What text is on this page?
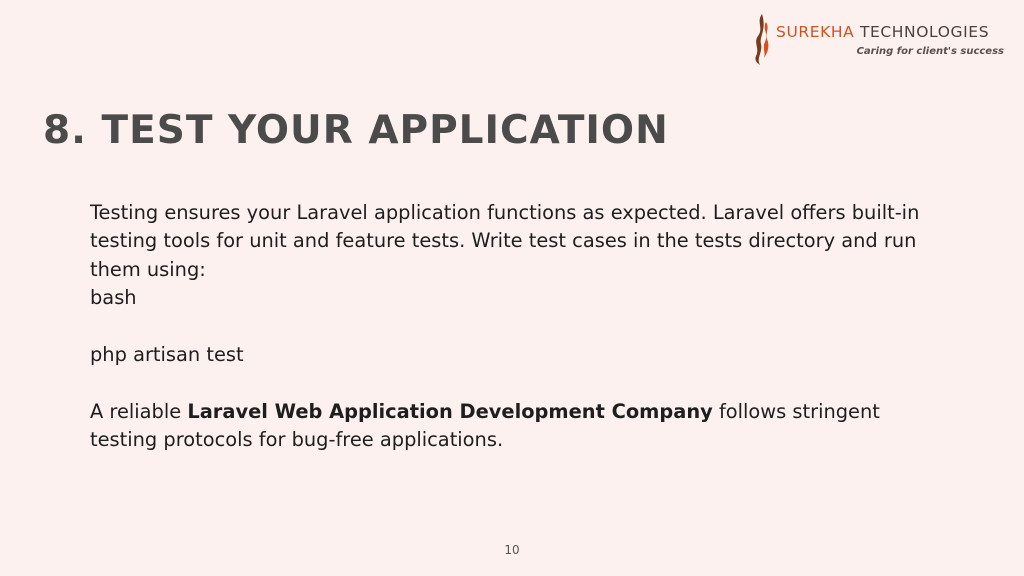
SUREKHA TECHNOLOGIES
Caring for client's success
8. TEST YOUR APPLICATION

Testing ensures your Laravel application functions as expected. Laravel offers built-in testing tools for unit and feature tests. Write test cases in the tests directory and run them using:

bash

php artisan test

A reliable Laravel Web Application Development Company follows stringent testing protocols for bug-free applications.

10
